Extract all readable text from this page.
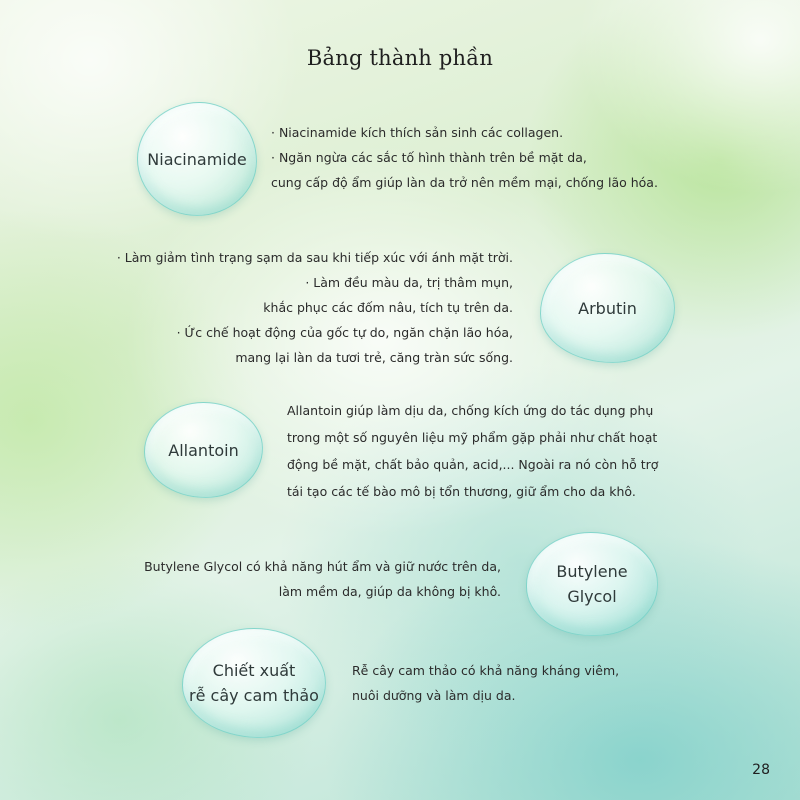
Bảng thành phần
Niacinamide
· Niacinamide kích thích sản sinh các collagen.
· Ngăn ngừa các sắc tố hình thành trên bề mặt da,
cung cấp độ ẩm giúp làn da trở nên mềm mại, chống lão hóa.
· Làm giảm tình trạng sạm da sau khi tiếp xúc với ánh mặt trời.
· Làm đều màu da, trị thâm mụn,
khắc phục các đốm nâu, tích tụ trên da.
· Ức chế hoạt động của gốc tự do, ngăn chặn lão hóa,
mang lại làn da tươi trẻ, căng tràn sức sống.
Arbutin
Allantoin
Allantoin giúp làm dịu da, chống kích ứng do tác dụng phụ
trong một số nguyên liệu mỹ phẩm gặp phải như chất hoạt
động bề mặt, chất bảo quản, acid,... Ngoài ra nó còn hỗ trợ
tái tạo các tế bào mô bị tổn thương, giữ ẩm cho da khô.
Butylene Glycol có khả năng hút ẩm và giữ nước trên da,
làm mềm da, giúp da không bị khô.
Butylene
Glycol
Chiết xuất
rễ cây cam thảo
Rễ cây cam thảo có khả năng kháng viêm,
nuôi dưỡng và làm dịu da.
28
